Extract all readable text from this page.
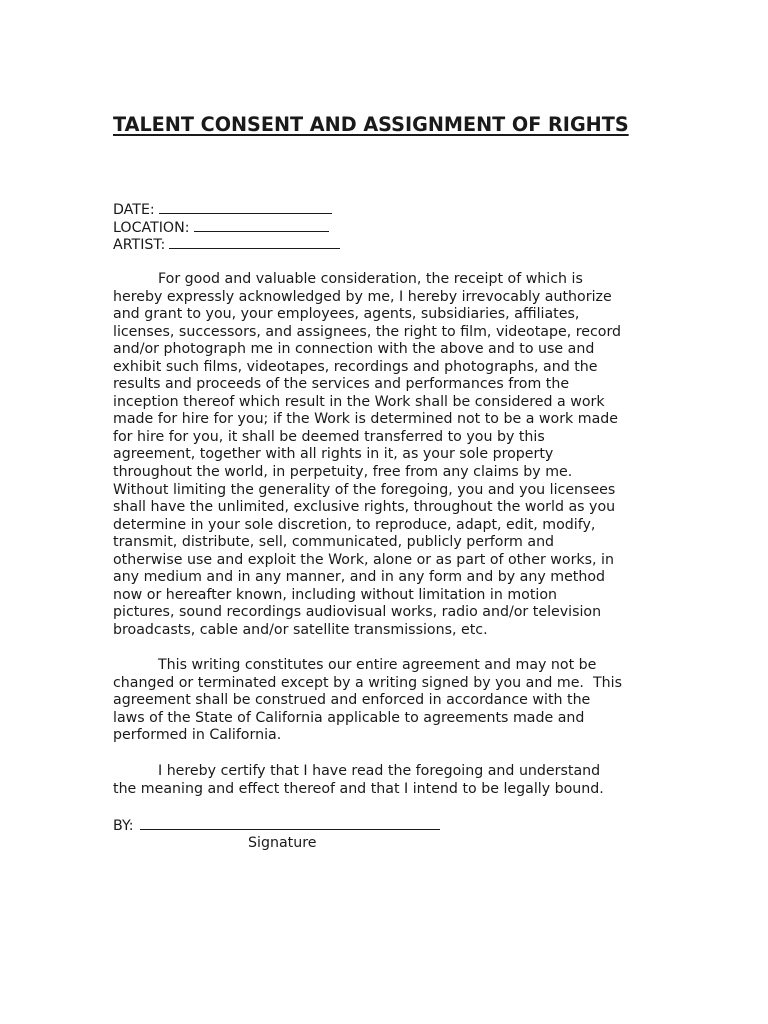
TALENT CONSENT AND ASSIGNMENT OF RIGHTS
DATE:
LOCATION:
ARTIST:
For good and valuable consideration, the receipt of which is
hereby expressly acknowledged by me, I hereby irrevocably authorize
and grant to you, your employees, agents, subsidiaries, affiliates,
licenses, successors, and assignees, the right to film, videotape, record
and/or photograph me in connection with the above and to use and
exhibit such films, videotapes, recordings and photographs, and the
results and proceeds of the services and performances from the
inception thereof which result in the Work shall be considered a work
made for hire for you; if the Work is determined not to be a work made
for hire for you, it shall be deemed transferred to you by this
agreement, together with all rights in it, as your sole property
throughout the world, in perpetuity, free from any claims by me.
Without limiting the generality of the foregoing, you and you licensees
shall have the unlimited, exclusive rights, throughout the world as you
determine in your sole discretion, to reproduce, adapt, edit, modify,
transmit, distribute, sell, communicated, publicly perform and
otherwise use and exploit the Work, alone or as part of other works, in
any medium and in any manner, and in any form and by any method
now or hereafter known, including without limitation in motion
pictures, sound recordings audiovisual works, radio and/or television
broadcasts, cable and/or satellite transmissions, etc.
This writing constitutes our entire agreement and may not be
changed or terminated except by a writing signed by you and me.  This
agreement shall be construed and enforced in accordance with the
laws of the State of California applicable to agreements made and
performed in California.
I hereby certify that I have read the foregoing and understand
the meaning and effect thereof and that I intend to be legally bound.
BY:
Signature
